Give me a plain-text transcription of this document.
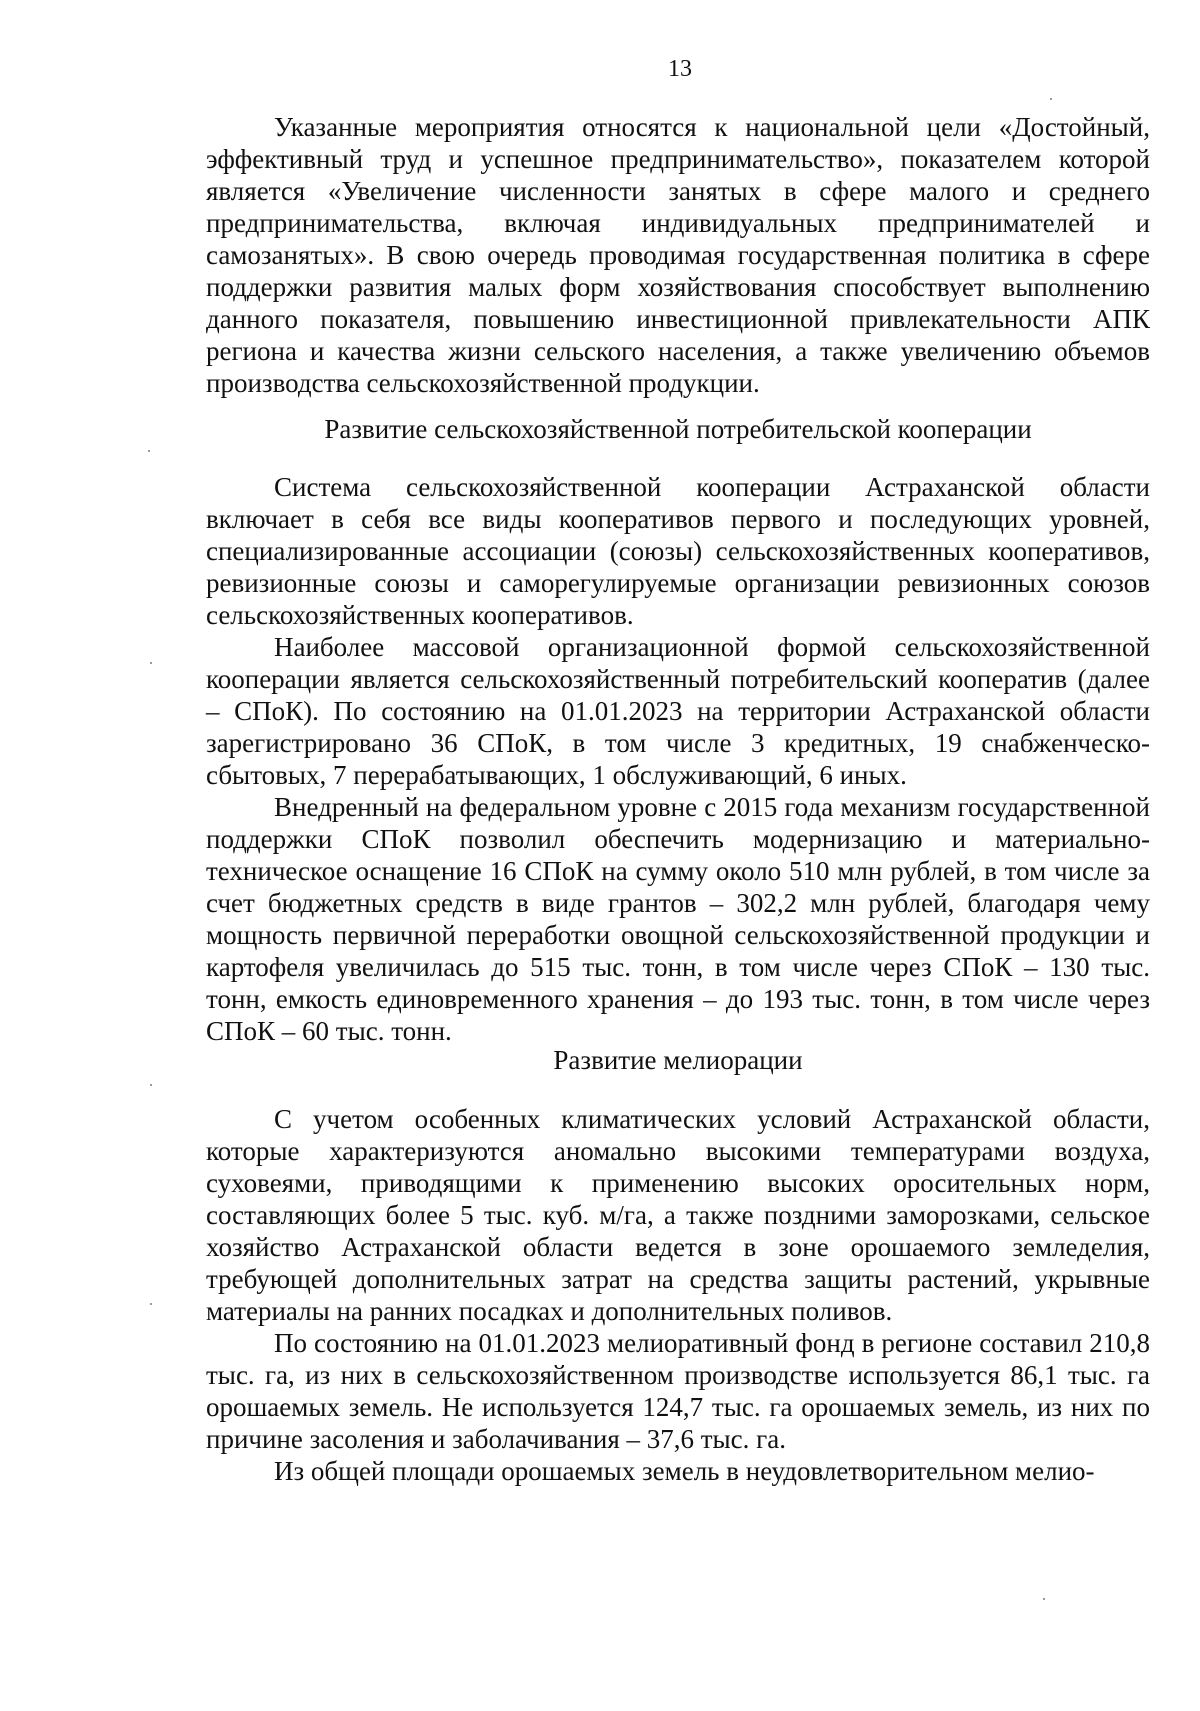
13

Указанные мероприятия относятся к национальной цели «Достойный, эффективный труд и успешное предпринимательство», показателем которой является «Увеличение численности занятых в сфере малого и среднего предпринимательства, включая индивидуальных предпринимателей и самозанятых». В свою очередь проводимая государственная политика в сфере поддержки развития малых форм хозяйствования способствует выполнению данного показателя, повышению инвестиционной привлекательности АПК региона и качества жизни сельского населения, а также увеличению объемов производства сельскохозяйственной продукции.

Развитие сельскохозяйственной потребительской кооперации

Система сельскохозяйственной кооперации Астраханской области включает в себя все виды кооперативов первого и последующих уровней, специализированные ассоциации (союзы) сельскохозяйственных кооперативов, ревизионные союзы и саморегулируемые организации ревизионных союзов сельскохозяйственных кооперативов.

Наиболее массовой организационной формой сельскохозяйственной кооперации является сельскохозяйственный потребительский кооператив (далее – СПоК). По состоянию на 01.01.2023 на территории Астраханской области зарегистрировано 36 СПоК, в том числе 3 кредитных, 19 снабженческо-сбытовых, 7 перерабатывающих, 1 обслуживающий, 6 иных.

Внедренный на федеральном уровне с 2015 года механизм государственной поддержки СПоК позволил обеспечить модернизацию и материально-техническое оснащение 16 СПоК на сумму около 510 млн рублей, в том числе за счет бюджетных средств в виде грантов – 302,2 млн рублей, благодаря чему мощность первичной переработки овощной сельскохозяйственной продукции и картофеля увеличилась до 515 тыс. тонн, в том числе через СПоК – 130 тыс. тонн, емкость единовременного хранения – до 193 тыс. тонн, в том числе через СПоК – 60 тыс. тонн.

Развитие мелиорации

С учетом особенных климатических условий Астраханской области, которые характеризуются аномально высокими температурами воздуха, суховеями, приводящими к применению высоких оросительных норм, составляющих более 5 тыс. куб. м/га, а также поздними заморозками, сельское хозяйство Астраханской области ведется в зоне орошаемого земледелия, требующей дополнительных затрат на средства защиты растений, укрывные материалы на ранних посадках и дополнительных поливов.

По состоянию на 01.01.2023 мелиоративный фонд в регионе составил 210,8 тыс. га, из них в сельскохозяйственном производстве используется 86,1 тыс. га орошаемых земель. Не используется 124,7 тыс. га орошаемых земель, из них по причине засоления и заболачивания – 37,6 тыс. га.

Из общей площади орошаемых земель в неудовлетворительном мелио-
